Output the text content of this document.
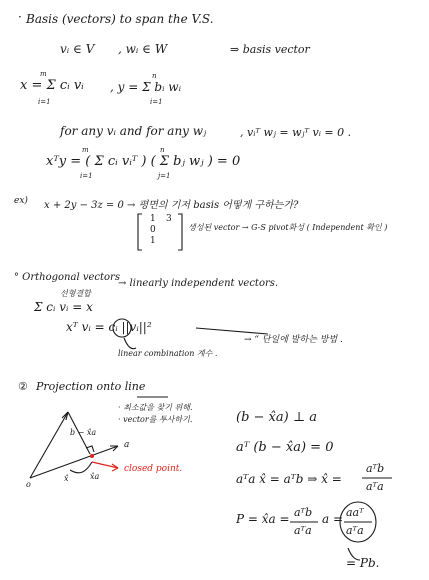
· Basis (vectors) to span the V.S.
vᵢ ∈ V , wᵢ ∈ W	⇒ basis vector
m
x = Σ cᵢ vᵢ
i=1
n
, y = Σ bᵢ wᵢ
i=1
for any vᵢ and for any wⱼ	, vᵢᵀ wⱼ = wⱼᵀ vᵢ = 0 .
m	n
xᵀy = ( Σ cᵢ vᵢᵀ ) ( Σ bⱼ wⱼ ) = 0
i=1	j=1
ex) x + 2y − 3z = 0 → 평면의 기저 basis 어떻게 구하는가?
1
0
1
3
생성된 vector → G-S pivot화성 ( Independent 확인 )
° Orthogonal vectors
→ linearly independent vectors.
선형결합
Σ cᵢ vᵢ = x
xᵀ vᵢ = cᵢ ||vᵢ||²
→ “ 단일에 발하는 방법 .
linear combination 계수 .
② Projection onto line
· 최소값을 찾기 위해.
· vector를 투사하기.
b − x̂a
a
x̂	x̂a
o
closed point.
(b − x̂a) ⊥ a
aᵀ (b − x̂a) = 0
aᵀa x̂ = aᵀb ⇒ x̂ =
aᵀb
aᵀa
P = x̂a = aᵀb
aᵀa
a = aaᵀ
aᵀa
= Pb.
